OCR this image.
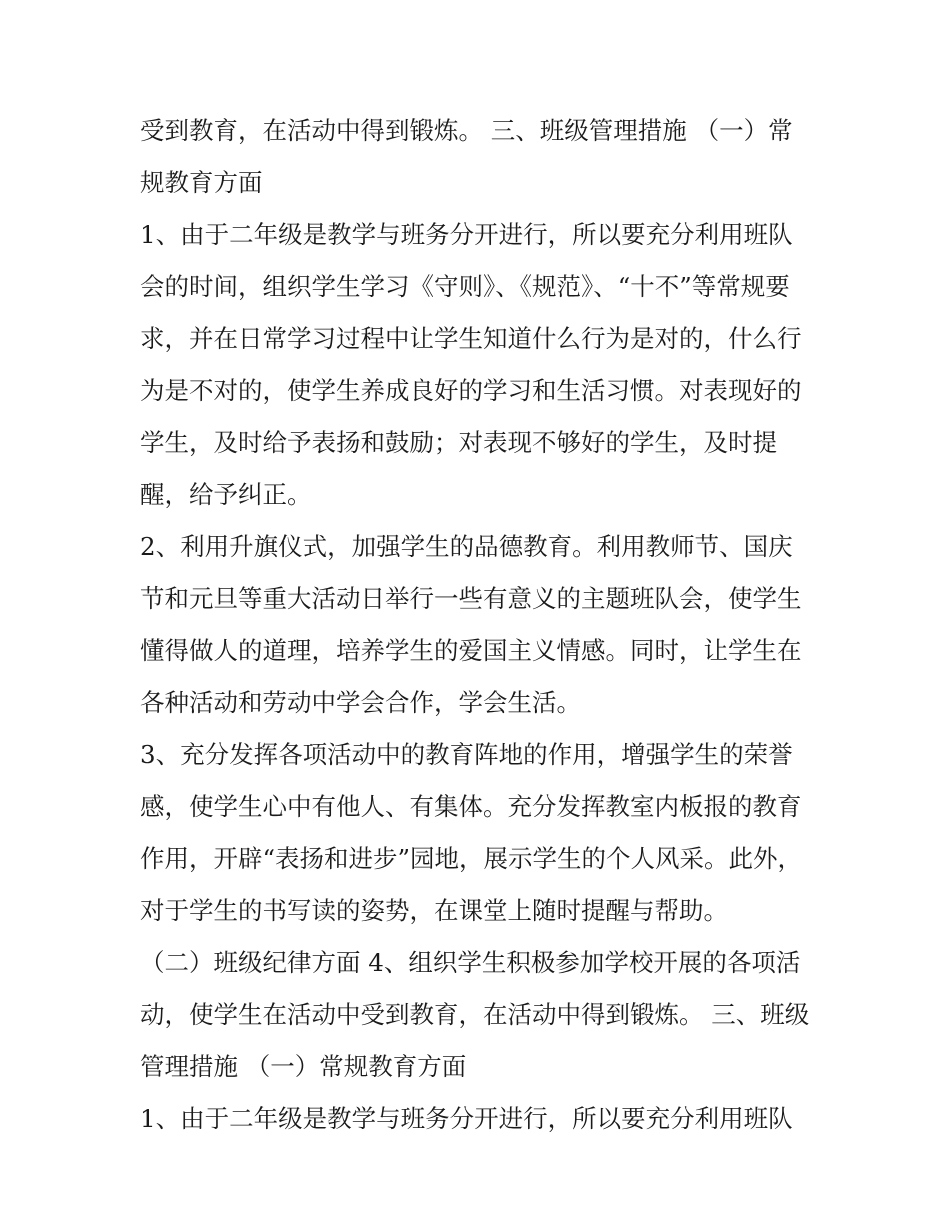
受到教育，在活动中得到锻炼。 三、班级管理措施 （一）常规教育方面

1、由于二年级是教学与班务分开进行，所以要充分利用班队会的时间，组织学生学习《守则》、《规范》、“十不”等常规要求，并在日常学习过程中让学生知道什么行为是对的，什么行为是不对的，使学生养成良好的学习和生活习惯。对表现好的学生，及时给予表扬和鼓励；对表现不够好的学生，及时提醒，给予纠正。

2、利用升旗仪式，加强学生的品德教育。利用教师节、国庆节和元旦等重大活动日举行一些有意义的主题班队会，使学生懂得做人的道理，培养学生的爱国主义情感。同时，让学生在各种活动和劳动中学会合作，学会生活。

3、充分发挥各项活动中的教育阵地的作用，增强学生的荣誉感，使学生心中有他人、有集体。充分发挥教室内板报的教育作用，开辟“表扬和进步”园地，展示学生的个人风采。此外，对于学生的书写读的姿势，在课堂上随时提醒与帮助。

（二）班级纪律方面 4、组织学生积极参加学校开展的各项活动，使学生在活动中受到教育，在活动中得到锻炼。 三、班级管理措施 （一）常规教育方面

1、由于二年级是教学与班务分开进行，所以要充分利用班队
